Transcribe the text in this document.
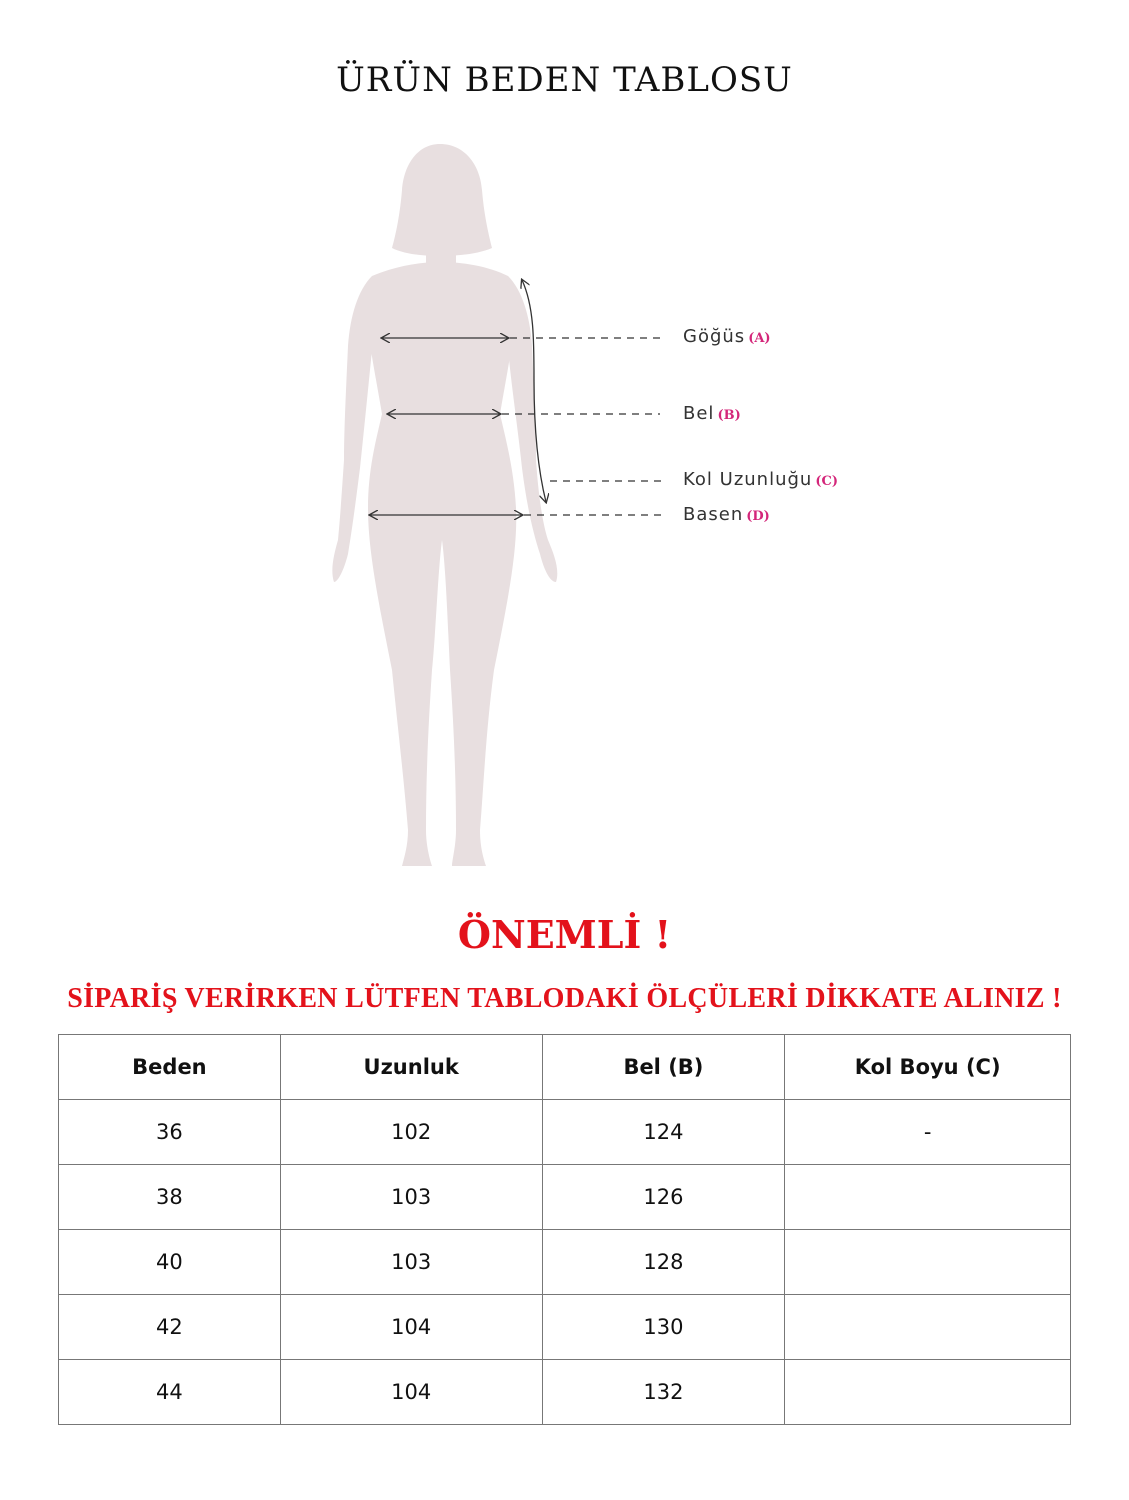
ÜRÜN BEDEN TABLOSU
Göğüs (A)
Bel (B)
Kol Uzunluğu (C)
Basen (D)
ÖNEMLİ !
SİPARİŞ VERİRKEN LÜTFEN TABLODAKİ ÖLÇÜLERİ DİKKATE ALINIZ !
Beden	Uzunluk	Bel (B)	Kol Boyu (C)
36	102	124	-
38	103	126	
40	103	128	
42	104	130	
44	104	132	
